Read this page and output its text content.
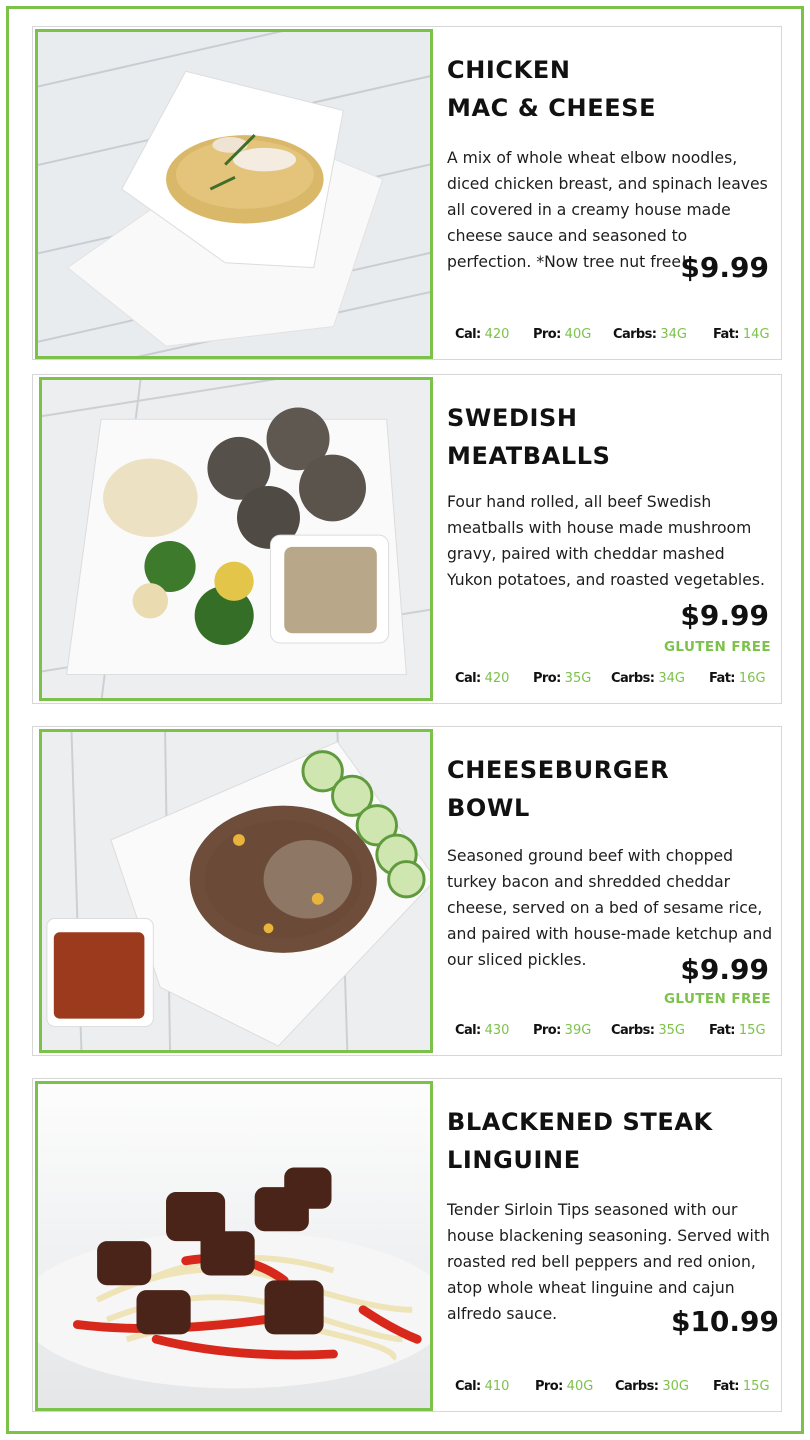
CHICKEN
MAC & CHEESE
A mix of whole wheat elbow noodles, diced chicken breast, and spinach leaves all covered in a creamy house made cheese sauce and seasoned to perfection. *Now tree nut free!
$9.99
Cal: 420 Pro: 40G Carbs: 34G Fat: 14G
SWEDISH
MEATBALLS
Four hand rolled, all beef Swedish meatballs with house made mushroom gravy, paired with cheddar mashed Yukon potatoes, and roasted vegetables.
$9.99
GLUTEN FREE
Cal: 420 Pro: 35G Carbs: 34G Fat: 16G
CHEESEBURGER
BOWL
Seasoned ground beef with chopped turkey bacon and shredded cheddar cheese, served on a bed of sesame rice, and paired with house-made ketchup and our sliced pickles.	$9.99
GLUTEN FREE
Cal: 430 Pro: 39G Carbs: 35G Fat: 15G
BLACKENED STEAK
LINGUINE
Tender Sirloin Tips seasoned with our house blackening seasoning. Served with roasted red bell peppers and red onion, atop whole wheat linguine and cajun alfredo sauce.	$10.99
Cal: 410 Pro: 40G Carbs: 30G Fat: 15G
